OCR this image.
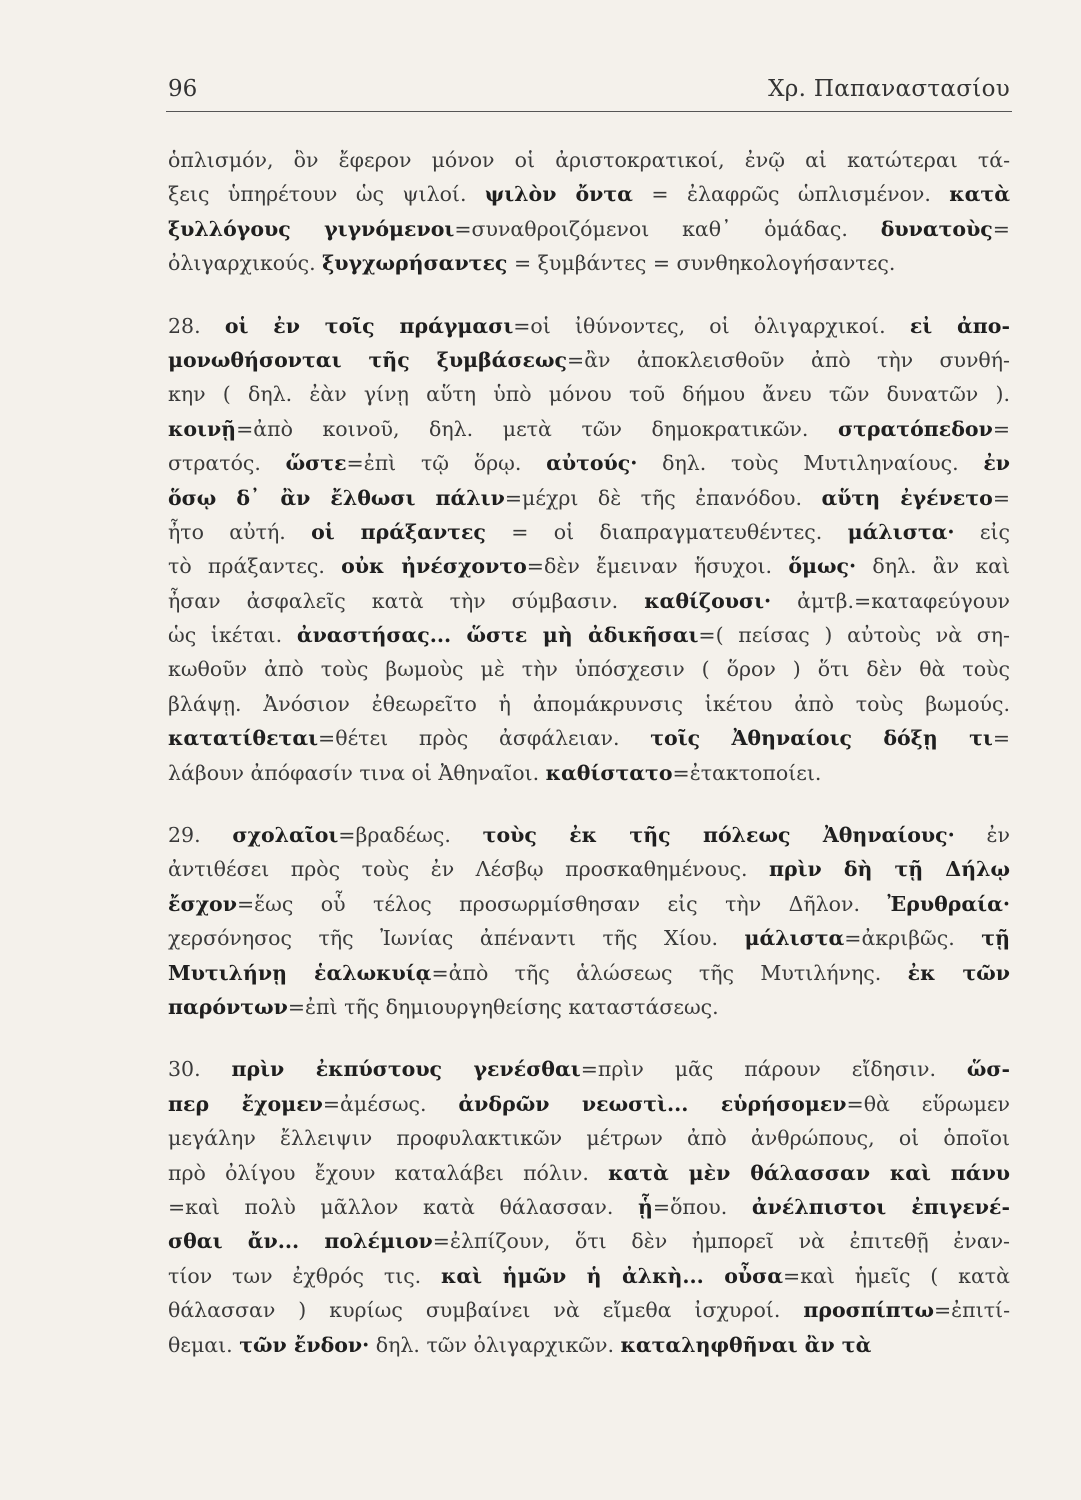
96	Χρ. Παπαναστασίου
ὁπλισμόν, ὃν ἔφερον μόνον οἱ ἀριστοκρατικοί, ἐνῷ αἱ κατώτεραι τά-
ξεις ὑπηρέτουν ὡς ψιλοί. ψιλὸν ὄντα = ἐλαφρῶς ὡπλισμένον. κατὰ
ξυλλόγους γιγνόμενοι=συναθροιζόμενοι καθ᾽ ὁμάδας. δυνατοὺς=
ὀλιγαρχικούς. ξυγχωρήσαντες = ξυμβάντες = συνθηκολογήσαντες.
28. οἱ ἐν τοῖς πράγμασι=οἱ ἰθύνοντες, οἱ ὀλιγαρχικοί. εἰ ἀπο-
μονωθήσονται τῆς ξυμβάσεως=ἂν ἀποκλεισθοῦν ἀπὸ τὴν συνθή-
κην ( δηλ. ἐὰν γίνῃ αὕτη ὑπὸ μόνου τοῦ δήμου ἄνευ τῶν δυνατῶν ).
κοινῇ=ἀπὸ κοινοῦ, δηλ. μετὰ τῶν δημοκρατικῶν. στρατόπεδον=
στρατός. ὥστε=ἐπὶ τῷ ὅρῳ. αὐτούς· δηλ. τοὺς Μυτιληναίους. ἐν
ὅσῳ δ᾽ ἂν ἔλθωσι πάλιν=μέχρι δὲ τῆς ἐπανόδου. αὕτη ἐγένετο=
ἦτο αὐτή. οἱ πράξαντες = οἱ διαπραγματευθέντες. μάλιστα· εἰς
τὸ πράξαντες. οὐκ ἠνέσχοντο=δὲν ἔμειναν ἥσυχοι. ὅμως· δηλ. ἂν καὶ
ἦσαν ἀσφαλεῖς κατὰ τὴν σύμβασιν. καθίζουσι· ἀμτβ.=καταφεύγουν
ὡς ἱκέται. ἀναστήσας... ὥστε μὴ ἀδικῆσαι=( πείσας ) αὐτοὺς νὰ ση-
κωθοῦν ἀπὸ τοὺς βωμοὺς μὲ τὴν ὑπόσχεσιν ( ὅρον ) ὅτι δὲν θὰ τοὺς
βλάψῃ. Ἀνόσιον ἐθεωρεῖτο ἡ ἀπομάκρυνσις ἱκέτου ἀπὸ τοὺς βωμούς.
κατατίθεται=θέτει πρὸς ἀσφάλειαν. τοῖς Ἀθηναίοις δόξῃ τι=
λάβουν ἀπόφασίν τινα οἱ Ἀθηναῖοι. καθίστατο=ἐτακτοποίει.
29. σχολαῖοι=βραδέως. τοὺς ἐκ τῆς πόλεως Ἀθηναίους· ἐν
ἀντιθέσει πρὸς τοὺς ἐν Λέσβῳ προσκαθημένους. πρὶν δὴ τῇ Δήλῳ
ἔσχον=ἕως οὗ τέλος προσωρμίσθησαν εἰς τὴν Δῆλον. Ἐρυθραία·
χερσόνησος τῆς Ἰωνίας ἀπέναντι τῆς Χίου. μάλιστα=ἀκριβῶς. τῇ
Μυτιλήνῃ ἑαλωκυίᾳ=ἀπὸ τῆς ἁλώσεως τῆς Μυτιλήνης. ἐκ τῶν
παρόντων=ἐπὶ τῆς δημιουργηθείσης καταστάσεως.
30. πρὶν ἐκπύστους γενέσθαι=πρὶν μᾶς πάρουν εἴδησιν. ὥσ-
περ ἔχομεν=ἀμέσως. ἀνδρῶν νεωστὶ... εὑρήσομεν=θὰ εὕρωμεν
μεγάλην ἔλλειψιν προφυλακτικῶν μέτρων ἀπὸ ἀνθρώπους, οἱ ὁποῖοι
πρὸ ὀλίγου ἔχουν καταλάβει πόλιν. κατὰ μὲν θάλασσαν καὶ πάνυ
=καὶ πολὺ μᾶλλον κατὰ θάλασσαν. ᾗ=ὅπου. ἀνέλπιστοι ἐπιγενέ-
σθαι ἄν... πολέμιον=ἐλπίζουν, ὅτι δὲν ἠμπορεῖ νὰ ἐπιτεθῇ ἐναν-
τίον των ἐχθρός τις. καὶ ἡμῶν ἡ ἀλκὴ... οὖσα=καὶ ἡμεῖς ( κατὰ
θάλασσαν ) κυρίως συμβαίνει νὰ εἴμεθα ἰσχυροί. προσπίπτω=ἐπιτί-
θεμαι. τῶν ἔνδον· δηλ. τῶν ὀλιγαρχικῶν. καταληφθῆναι ἂν τὰ
